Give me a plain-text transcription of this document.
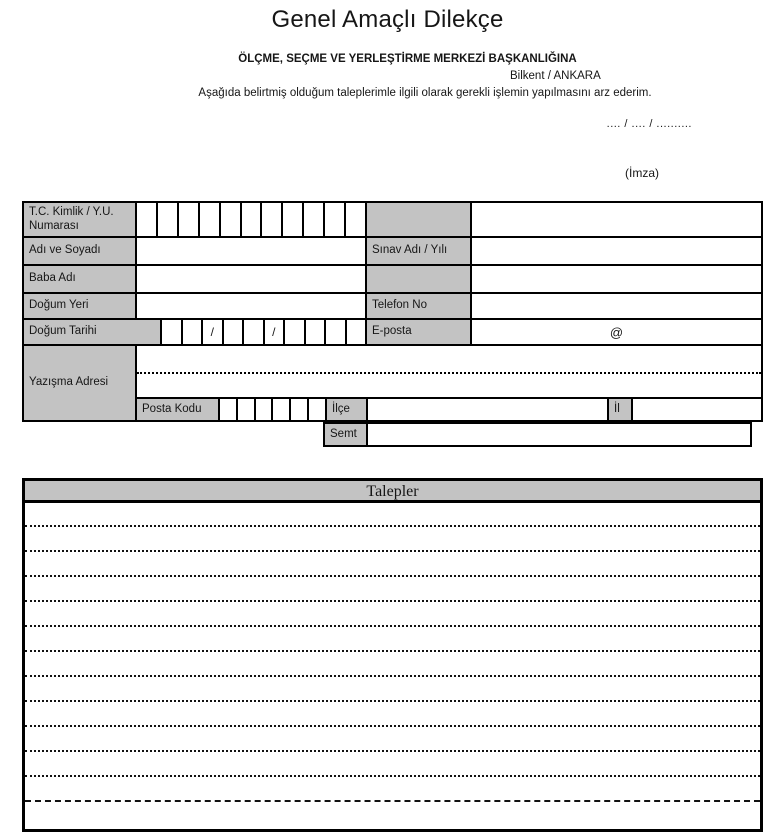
Genel Amaçlı Dilekçe
ÖLÇME, SEÇME VE YERLEŞTİRME MERKEZİ BAŞKANLIĞINA
Bilkent / ANKARA
Aşağıda belirtmiş olduğum taleplerimle ilgili olarak gerekli işlemin yapılmasını arz ederim.
.... / .... / ..........
(İmza)
T.C. Kimlik / Y.U. Numarası
Adı ve Soyadı	Sınav Adı / Yılı
Baba Adı
Doğum Yeri	Telefon No
Doğum Tarihi	/	/	E-posta	@
Yazışma Adresi
Posta Kodu	İlçe	İl
Semt
Talepler
